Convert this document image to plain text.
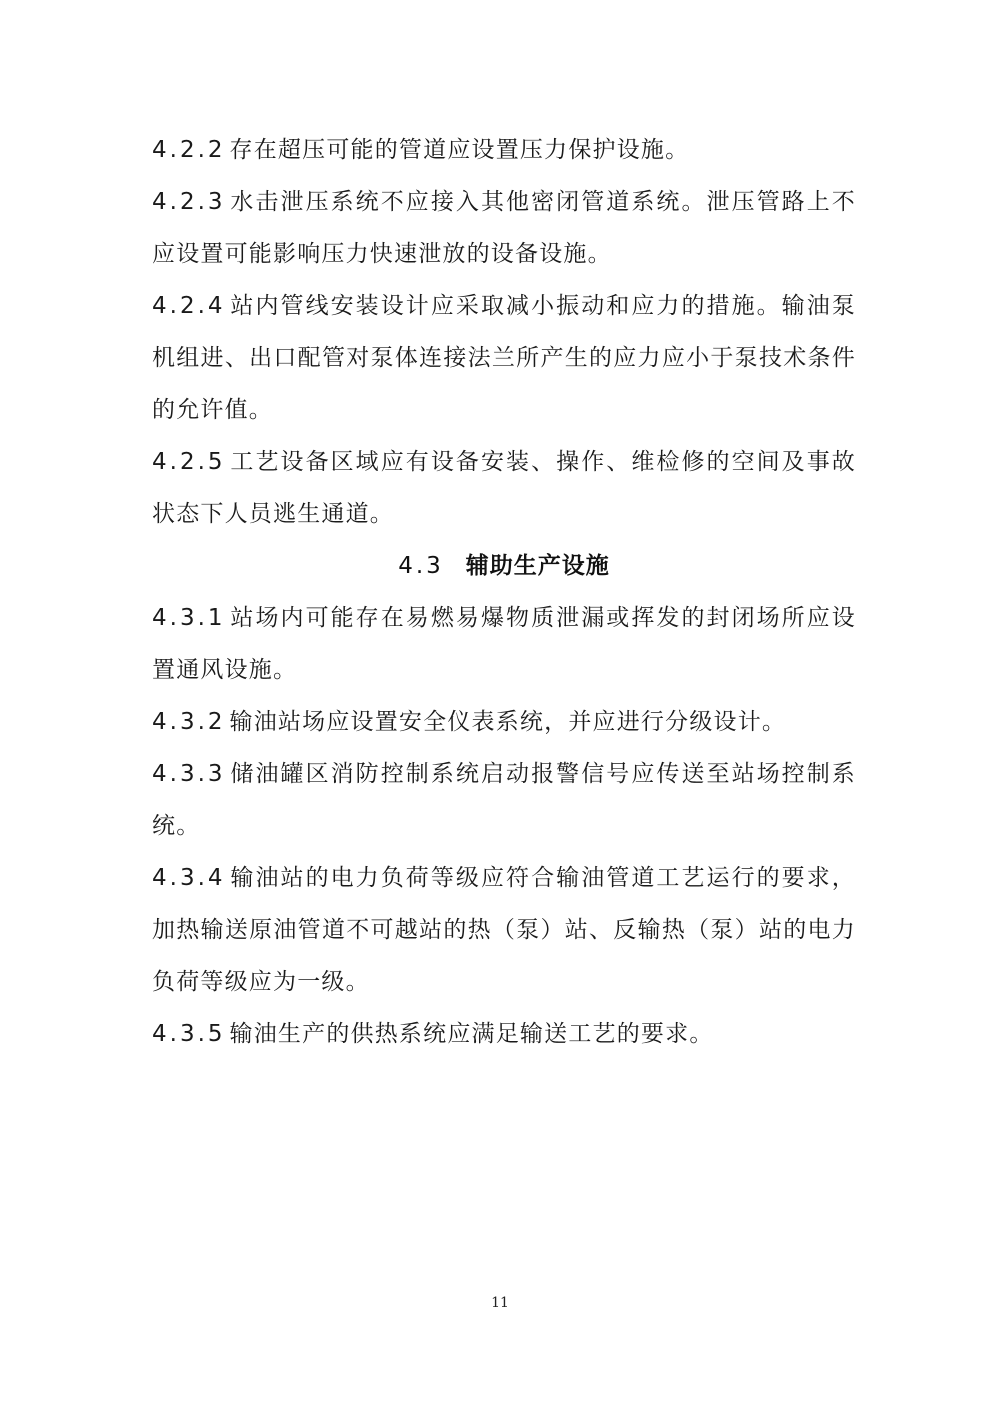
4.2.2 存在超压可能的管道应设置压力保护设施。

4.2.3 水击泄压系统不应接入其他密闭管道系统。泄压管路上不应设置可能影响压力快速泄放的设备设施。

4.2.4 站内管线安装设计应采取减小振动和应力的措施。输油泵机组进、出口配管对泵体连接法兰所产生的应力应小于泵技术条件的允许值。

4.2.5 工艺设备区域应有设备安装、操作、维检修的空间及事故状态下人员逃生通道。

4.3 辅助生产设施

4.3.1 站场内可能存在易燃易爆物质泄漏或挥发的封闭场所应设置通风设施。

4.3.2 输油站场应设置安全仪表系统，并应进行分级设计。

4.3.3 储油罐区消防控制系统启动报警信号应传送至站场控制系统。

4.3.4 输油站的电力负荷等级应符合输油管道工艺运行的要求，加热输送原油管道不可越站的热（泵）站、反输热（泵）站的电力负荷等级应为一级。

4.3.5 输油生产的供热系统应满足输送工艺的要求。

11
